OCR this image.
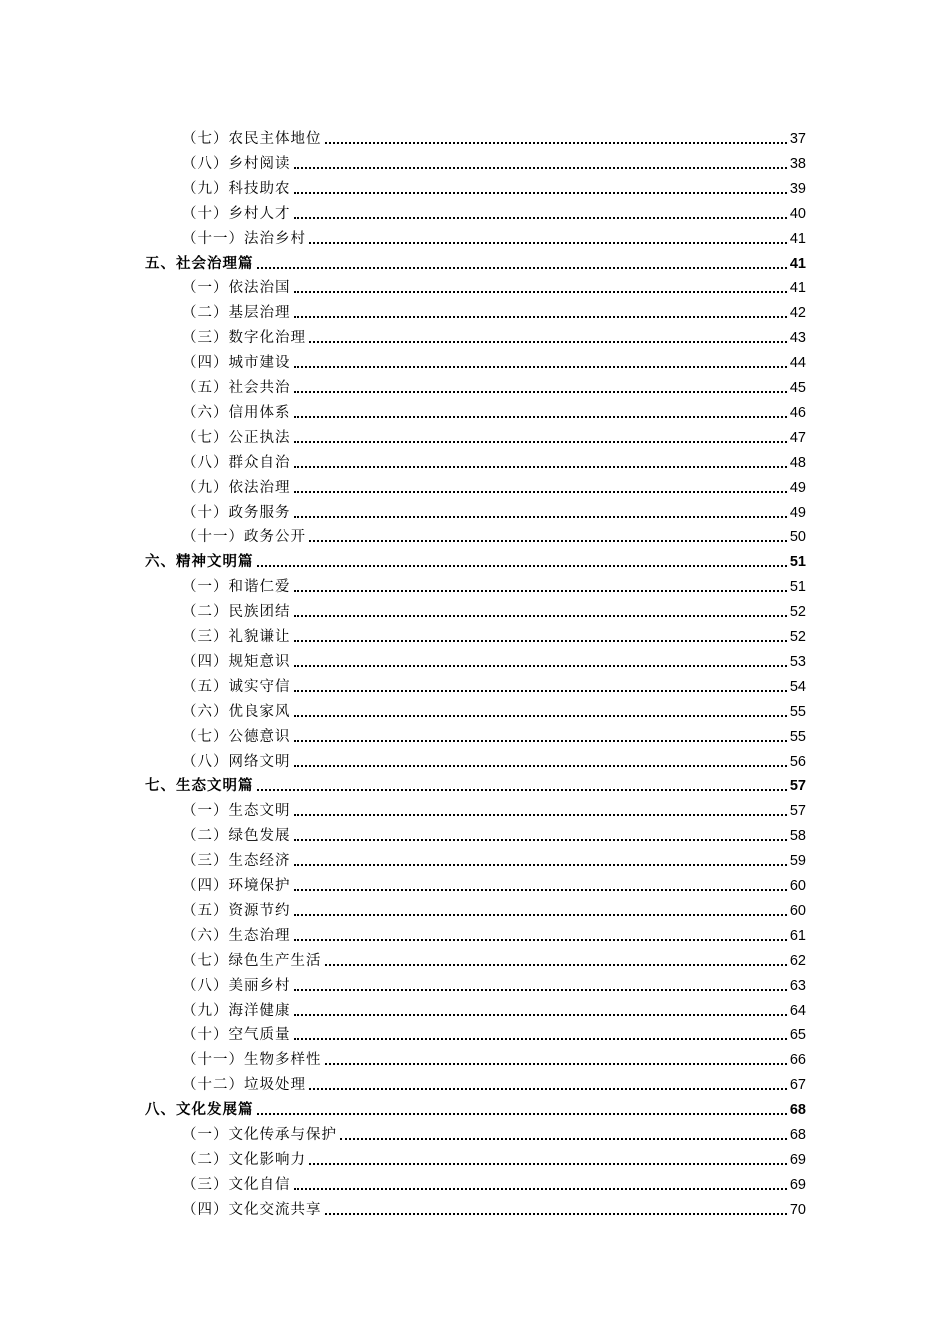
（七）农民主体地位	37
（八）乡村阅读	38
（九）科技助农	39
（十）乡村人才	40
（十一）法治乡村	41
五、社会治理篇	41
（一）依法治国	41
（二）基层治理	42
（三）数字化治理	43
（四）城市建设	44
（五）社会共治	45
（六）信用体系	46
（七）公正执法	47
（八）群众自治	48
（九）依法治理	49
（十）政务服务	49
（十一）政务公开	50
六、精神文明篇	51
（一）和谐仁爱	51
（二）民族团结	52
（三）礼貌谦让	52
（四）规矩意识	53
（五）诚实守信	54
（六）优良家风	55
（七）公德意识	55
（八）网络文明	56
七、生态文明篇	57
（一）生态文明	57
（二）绿色发展	58
（三）生态经济	59
（四）环境保护	60
（五）资源节约	60
（六）生态治理	61
（七）绿色生产生活	62
（八）美丽乡村	63
（九）海洋健康	64
（十）空气质量	65
（十一）生物多样性	66
（十二）垃圾处理	67
八、文化发展篇	68
（一）文化传承与保护	68
（二）文化影响力	69
（三）文化自信	69
（四）文化交流共享	70
